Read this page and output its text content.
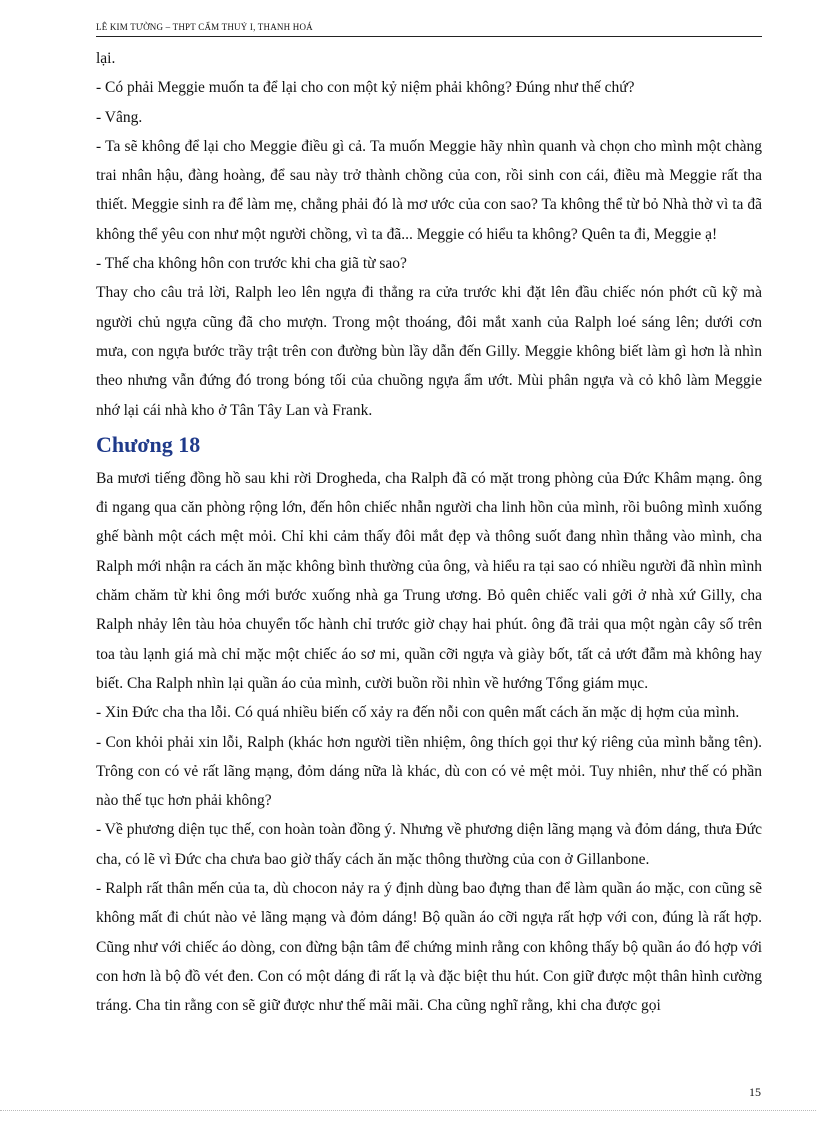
LÊ KIM TƯỜNG – THPT CẨM THUỶ I, THANH HOÁ

lại.

- Có phải Meggie muốn ta để lại cho con một kỷ niệm phải không? Đúng như thế chứ?

- Vâng.

- Ta sẽ không để lại cho Meggie điều gì cả. Ta muốn Meggie hãy nhìn quanh và chọn cho mình một chàng trai nhân hậu, đàng hoàng, để sau này trở thành chồng của con, rồi sinh con cái, điều mà Meggie rất tha thiết. Meggie sinh ra để làm mẹ, chẳng phải đó là mơ ước của con sao? Ta không thể từ bỏ Nhà thờ vì ta đã không thể yêu con như một người chồng, vì ta đã... Meggie có hiểu ta không? Quên ta đi, Meggie ạ!

- Thế cha không hôn con trước khi cha giã từ sao?

Thay cho câu trả lời, Ralph leo lên ngựa đi thẳng ra cửa trước khi đặt lên đầu chiếc nón phớt cũ kỹ mà người chủ ngựa cũng đã cho mượn. Trong một thoáng, đôi mắt xanh của Ralph loé sáng lên; dưới cơn mưa, con ngựa bước trầy trật trên con đường bùn lầy dẫn đến Gilly. Meggie không biết làm gì hơn là nhìn theo nhưng vẫn đứng đó trong bóng tối của chuồng ngựa ẩm ướt. Mùi phân ngựa và cỏ khô làm Meggie nhớ lại cái nhà kho ở Tân Tây Lan và Frank.

Chương 18

Ba mươi tiếng đồng hồ sau khi rời Drogheda, cha Ralph đã có mặt trong phòng của Đức Khâm mạng. ông đi ngang qua căn phòng rộng lớn, đến hôn chiếc nhẫn người cha linh hồn của mình, rồi buông mình xuống ghế bành một cách mệt mỏi. Chỉ khi cảm thấy đôi mắt đẹp và thông suốt đang nhìn thẳng vào mình, cha Ralph mới nhận ra cách ăn mặc không bình thường của ông, và hiểu ra tại sao có nhiều người đã nhìn mình chăm chăm từ khi ông mới bước xuống nhà ga Trung ương. Bỏ quên chiếc vali gởi ở nhà xứ Gilly, cha Ralph nhảy lên tàu hỏa chuyển tốc hành chỉ trước giờ chạy hai phút. ông đã trải qua một ngàn cây số trên toa tàu lạnh giá mà chỉ mặc một chiếc áo sơ mi, quần cỡi ngựa và giày bốt, tất cả ướt đẫm mà không hay biết. Cha Ralph nhìn lại quần áo của mình, cười buồn rồi nhìn về hướng Tổng giám mục.

- Xin Đức cha tha lỗi. Có quá nhiều biến cố xảy ra đến nỗi con quên mất cách ăn mặc dị hợm của mình.

- Con khỏi phải xin lỗi, Ralph (khác hơn người tiền nhiệm, ông thích gọi thư ký riêng của mình bằng tên). Trông con có vẻ rất lãng mạng, đỏm dáng nữa là khác, dù con có vẻ mệt mỏi. Tuy nhiên, như thế có phần nào thế tục hơn phải không?

- Về phương diện tục thế, con hoàn toàn đồng ý. Nhưng về phương diện lãng mạng và đỏm dáng, thưa Đức cha, có lẽ vì Đức cha chưa bao giờ thấy cách ăn mặc thông thường của con ở Gillanbone.

- Ralph rất thân mến của ta, dù chocon nảy ra ý định dùng bao đựng than để làm quần áo mặc, con cũng sẽ không mất đi chút nào vẻ lãng mạng và đỏm dáng! Bộ quần áo cỡi ngựa rất hợp với con, đúng là rất hợp. Cũng như với chiếc áo dòng, con đừng bận tâm để chứng minh rằng con không thấy bộ quần áo đó hợp với con hơn là bộ đồ vét đen. Con có một dáng đi rất lạ và đặc biệt thu hút. Con giữ được một thân hình cường tráng. Cha tin rằng con sẽ giữ được như thế mãi mãi. Cha cũng nghĩ rằng, khi cha được gọi

15
